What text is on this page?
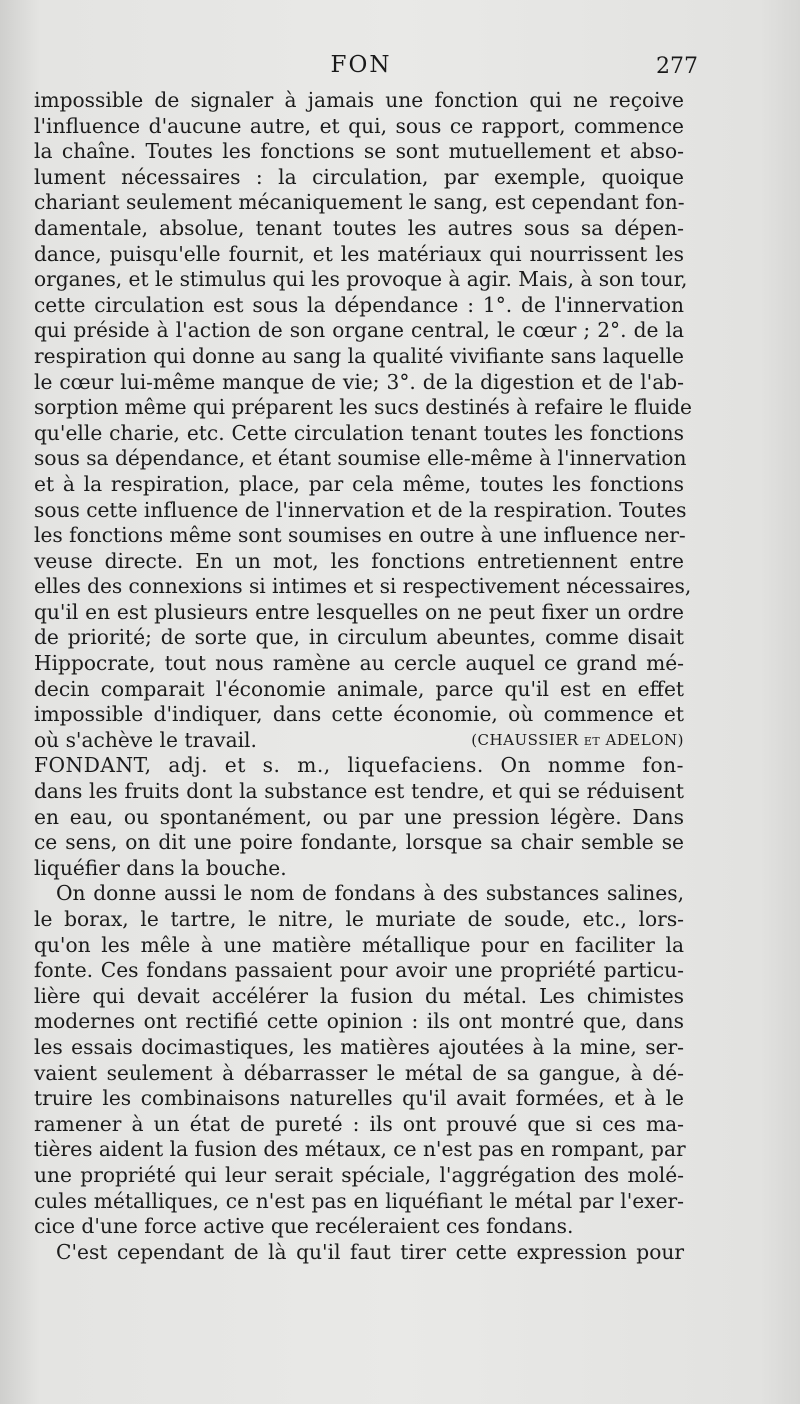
FON	277
impossible de signaler à jamais une fonction qui ne reçoive
l'influence d'aucune autre, et qui, sous ce rapport, commence
la chaîne. Toutes les fonctions se sont mutuellement et abso-
lument nécessaires : la circulation, par exemple, quoique
chariant seulement mécaniquement le sang, est cependant fon-
damentale, absolue, tenant toutes les autres sous sa dépen-
dance, puisqu'elle fournit, et les matériaux qui nourrissent les
organes, et le stimulus qui les provoque à agir. Mais, à son tour,
cette circulation est sous la dépendance : 1°. de l'innervation
qui préside à l'action de son organe central, le cœur ; 2°. de la
respiration qui donne au sang la qualité vivifiante sans laquelle
le cœur lui-même manque de vie; 3°. de la digestion et de l'ab-
sorption même qui préparent les sucs destinés à refaire le fluide
qu'elle charie, etc. Cette circulation tenant toutes les fonctions
sous sa dépendance, et étant soumise elle-même à l'innervation
et à la respiration, place, par cela même, toutes les fonctions
sous cette influence de l'innervation et de la respiration. Toutes
les fonctions même sont soumises en outre à une influence ner-
veuse directe. En un mot, les fonctions entretiennent entre
elles des connexions si intimes et si respectivement nécessaires,
qu'il en est plusieurs entre lesquelles on ne peut fixer un ordre
de priorité; de sorte que, in circulum abeuntes, comme disait
Hippocrate, tout nous ramène au cercle auquel ce grand mé-
decin comparait l'économie animale, parce qu'il est en effet
impossible d'indiquer, dans cette économie, où commence et
où s'achève le travail.	(CHAUSSIER et ADELON)
FONDANT, adj. et s. m., liquefaciens. On nomme fon-
dans les fruits dont la substance est tendre, et qui se réduisent
en eau, ou spontanément, ou par une pression légère. Dans
ce sens, on dit une poire fondante, lorsque sa chair semble se
liquéfier dans la bouche.
On donne aussi le nom de fondans à des substances salines,
le borax, le tartre, le nitre, le muriate de soude, etc., lors-
qu'on les mêle à une matière métallique pour en faciliter la
fonte. Ces fondans passaient pour avoir une propriété particu-
lière qui devait accélérer la fusion du métal. Les chimistes
modernes ont rectifié cette opinion : ils ont montré que, dans
les essais docimastiques, les matières ajoutées à la mine, ser-
vaient seulement à débarrasser le métal de sa gangue, à dé-
truire les combinaisons naturelles qu'il avait formées, et à le
ramener à un état de pureté : ils ont prouvé que si ces ma-
tières aident la fusion des métaux, ce n'est pas en rompant, par
une propriété qui leur serait spéciale, l'aggrégation des molé-
cules métalliques, ce n'est pas en liquéfiant le métal par l'exer-
cice d'une force active que recéleraient ces fondans.
C'est cependant de là qu'il faut tirer cette expression pour
